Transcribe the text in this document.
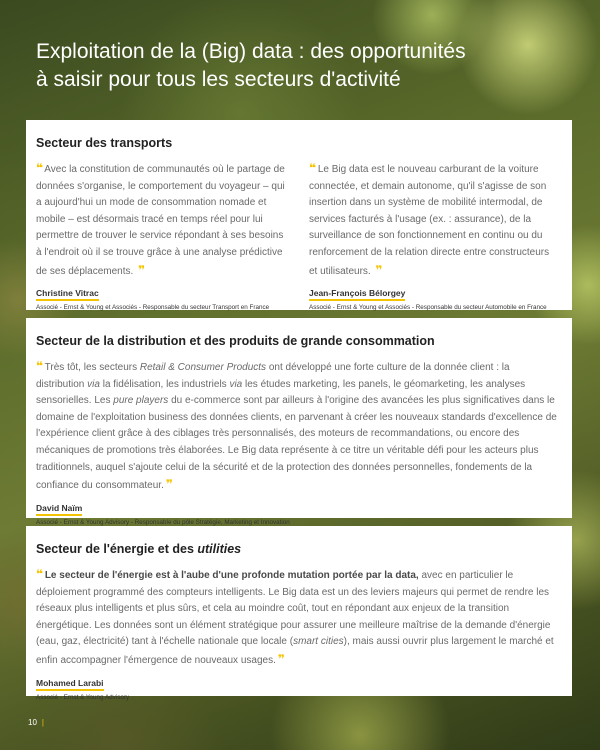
Exploitation de la (Big) data : des opportunités
à saisir pour tous les secteurs d'activité
Secteur des transports

❝ Avec la constitution de communautés où le partage de données s'organise, le comportement du voyageur – qui a aujourd'hui un mode de consommation nomade et mobile – est désormais tracé en temps réel pour lui permettre de trouver le service répondant à ses besoins à l'endroit où il se trouve grâce à une analyse prédictive de ses déplacements. ❞

Christine Vitrac
Associé - Ernst & Young et Associés - Responsable du secteur Transport en France

❝ Le Big data est le nouveau carburant de la voiture connectée, et demain autonome, qu'il s'agisse de son insertion dans un système de mobilité intermodal, de services facturés à l'usage (ex. : assurance), de la surveillance de son fonctionnement en continu ou du renforcement de la relation directe entre constructeurs et utilisateurs. ❞

Jean-François Bélorgey
Associé - Ernst & Young et Associés - Responsable du secteur Automobile en France
Secteur de la distribution et des produits de grande consommation

❝ Très tôt, les secteurs Retail & Consumer Products ont développé une forte culture de la donnée client : la distribution via la fidélisation, les industriels via les études marketing, les panels, le géomarketing, les analyses sensorielles. Les pure players du e-commerce sont par ailleurs à l'origine des avancées les plus significatives dans le domaine de l'exploitation business des données clients, en parvenant à créer les nouveaux standards d'excellence de l'expérience client grâce à des ciblages très personnalisés, des moteurs de recommandations, ou encore des mécaniques de promotions très élaborées. Le Big data représente à ce titre un véritable défi pour les acteurs plus traditionnels, auquel s'ajoute celui de la sécurité et de la protection des données personnelles, fondements de la confiance du consommateur. ❞

David Naïm
Associé - Ernst & Young Advisory - Responsable du pôle Stratégie, Marketing et Innovation
Secteur de l'énergie et des utilities

❝ Le secteur de l'énergie est à l'aube d'une profonde mutation portée par la data, avec en particulier le déploiement programmé des compteurs intelligents. Le Big data est un des leviers majeurs qui permet de rendre les réseaux plus intelligents et plus sûrs, et cela au moindre coût, tout en répondant aux enjeux de la transition énergétique. Les données sont un élément stratégique pour assurer une meilleure maîtrise de la demande d'énergie (eau, gaz, électricité) tant à l'échelle nationale que locale (smart cities), mais aussi ouvrir plus largement le marché et enfin accompagner l'émergence de nouveaux usages. ❞

Mohamed Larabi
Associé - Ernst & Young Advisory
10 |
